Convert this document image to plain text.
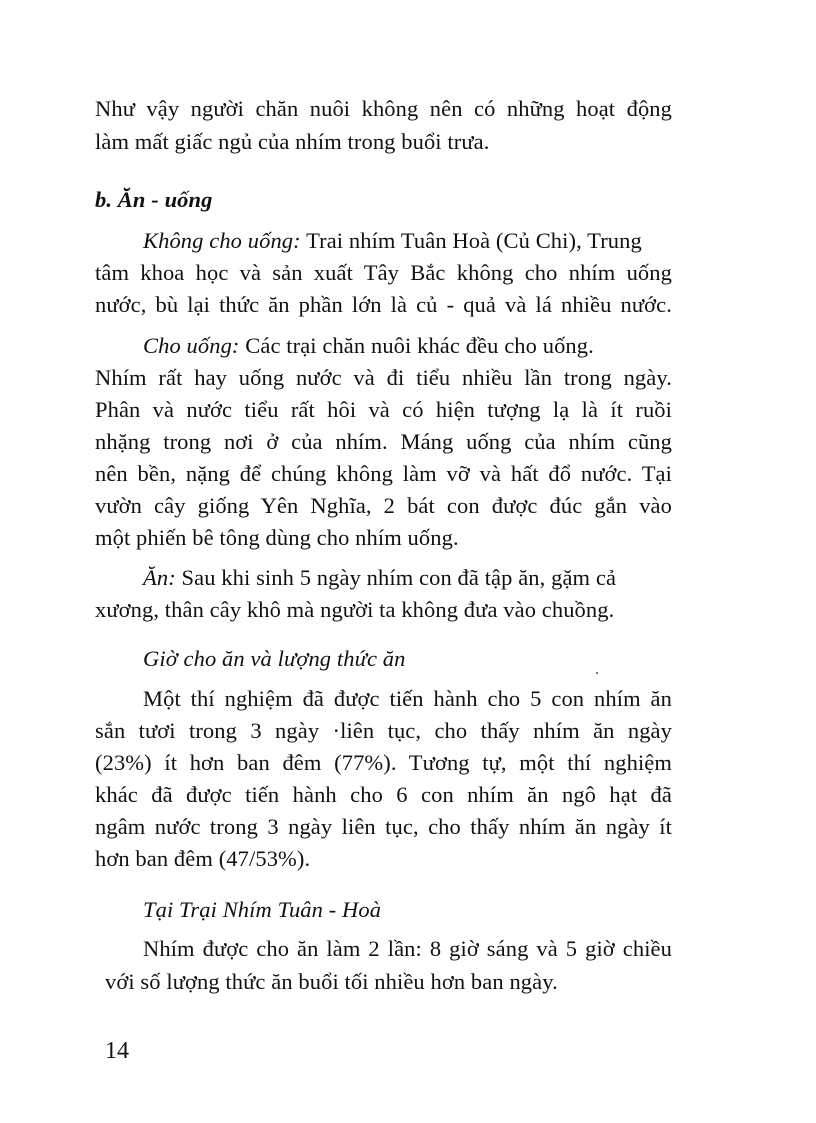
Như vậy người chăn nuôi không nên có những hoạt động
làm mất giấc ngủ của nhím trong buổi trưa.
b. Ăn - uống
Không cho uống: Trai nhím Tuân Hoà (Củ Chi), Trung
tâm khoa học và sản xuất Tây Bắc không cho nhím uống
nước, bù lại thức ăn phần lớn là củ - quả và lá nhiều nước.
Cho uống: Các trại chăn nuôi khác đều cho uống.
Nhím rất hay uống nước và đi tiểu nhiều lần trong ngày.
Phân và nước tiểu rất hôi và có hiện tượng lạ là ít ruồi
nhặng trong nơi ở của nhím. Máng uống của nhím cũng
nên bền, nặng để chúng không làm vỡ và hất đổ nước. Tại
vườn cây giống Yên Nghĩa, 2 bát con được đúc gắn vào
một phiến bê tông dùng cho nhím uống.
Ăn: Sau khi sinh 5 ngày nhím con đã tập ăn, gặm cả
xương, thân cây khô mà người ta không đưa vào chuồng.
Giờ cho ăn và lượng thức ăn
Một thí nghiệm đã được tiến hành cho 5 con nhím ăn
sắn tươi trong 3 ngày ·liên tục, cho thấy nhím ăn ngày
(23%) ít hơn ban đêm (77%). Tương tự, một thí nghiệm
khác đã được tiến hành cho 6 con nhím ăn ngô hạt đã
ngâm nước trong 3 ngày liên tục, cho thấy nhím ăn ngày ít
hơn ban đêm (47/53%).
Tại Trại Nhím Tuân - Hoà
Nhím được cho ăn làm 2 lần: 8 giờ sáng và 5 giờ chiều
với số lượng thức ăn buổi tối nhiều hơn ban ngày.
14
